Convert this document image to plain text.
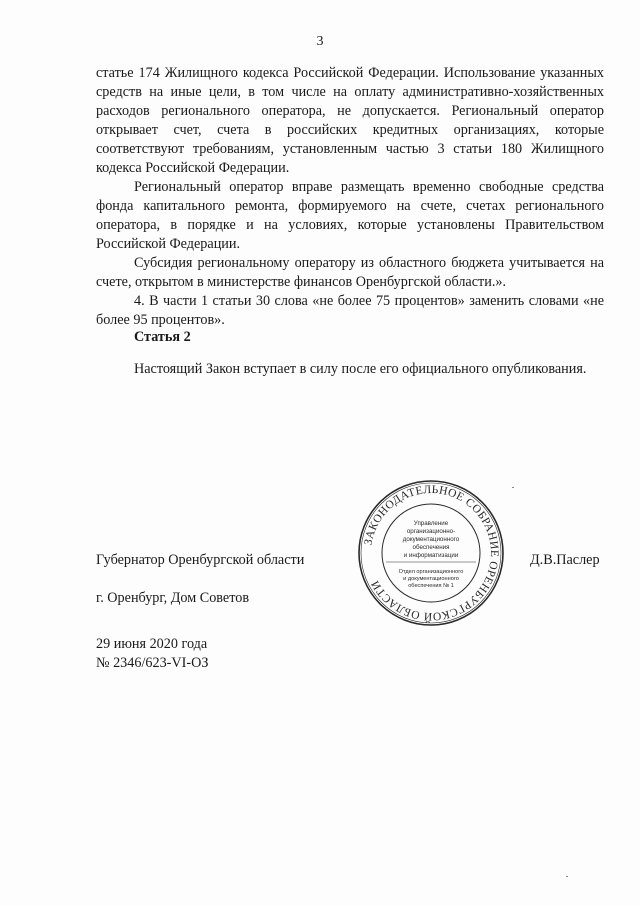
3

статье 174 Жилищного кодекса Российской Федерации. Использование указанных средств на иные цели, в том числе на оплату административно-хозяйственных расходов регионального оператора, не допускается. Региональный оператор открывает счет, счета в российских кредитных организациях, которые соответствуют требованиям, установленным частью 3 статьи 180 Жилищного кодекса Российской Федерации.

Региональный оператор вправе размещать временно свободные средства фонда капитального ремонта, формируемого на счете, счетах регионального оператора, в порядке и на условиях, которые установлены Правительством Российской Федерации.

Субсидия региональному оператору из областного бюджета учитывается на счете, открытом в министерстве финансов Оренбургской области.».

4. В части 1 статьи 30 слова «не более 75 процентов» заменить словами «не более 95 процентов».

Статья 2
Настоящий Закон вступает в силу после его официального опубликования.
ЗАКОНОДАТЕЛЬНОЕ СОБРАНИЕ ОРЕНБУРГСКОЙ ОБЛАСТИ
Управление
организационно-
документационного
обеспечения
и информатизации
Отдел организационного
и документационного
обеспечения № 1
Губернатор Оренбургской области	Д.В.Паслер
г. Оренбург, Дом Советов
29 июня 2020 года
№ 2346/623-VI-ОЗ
